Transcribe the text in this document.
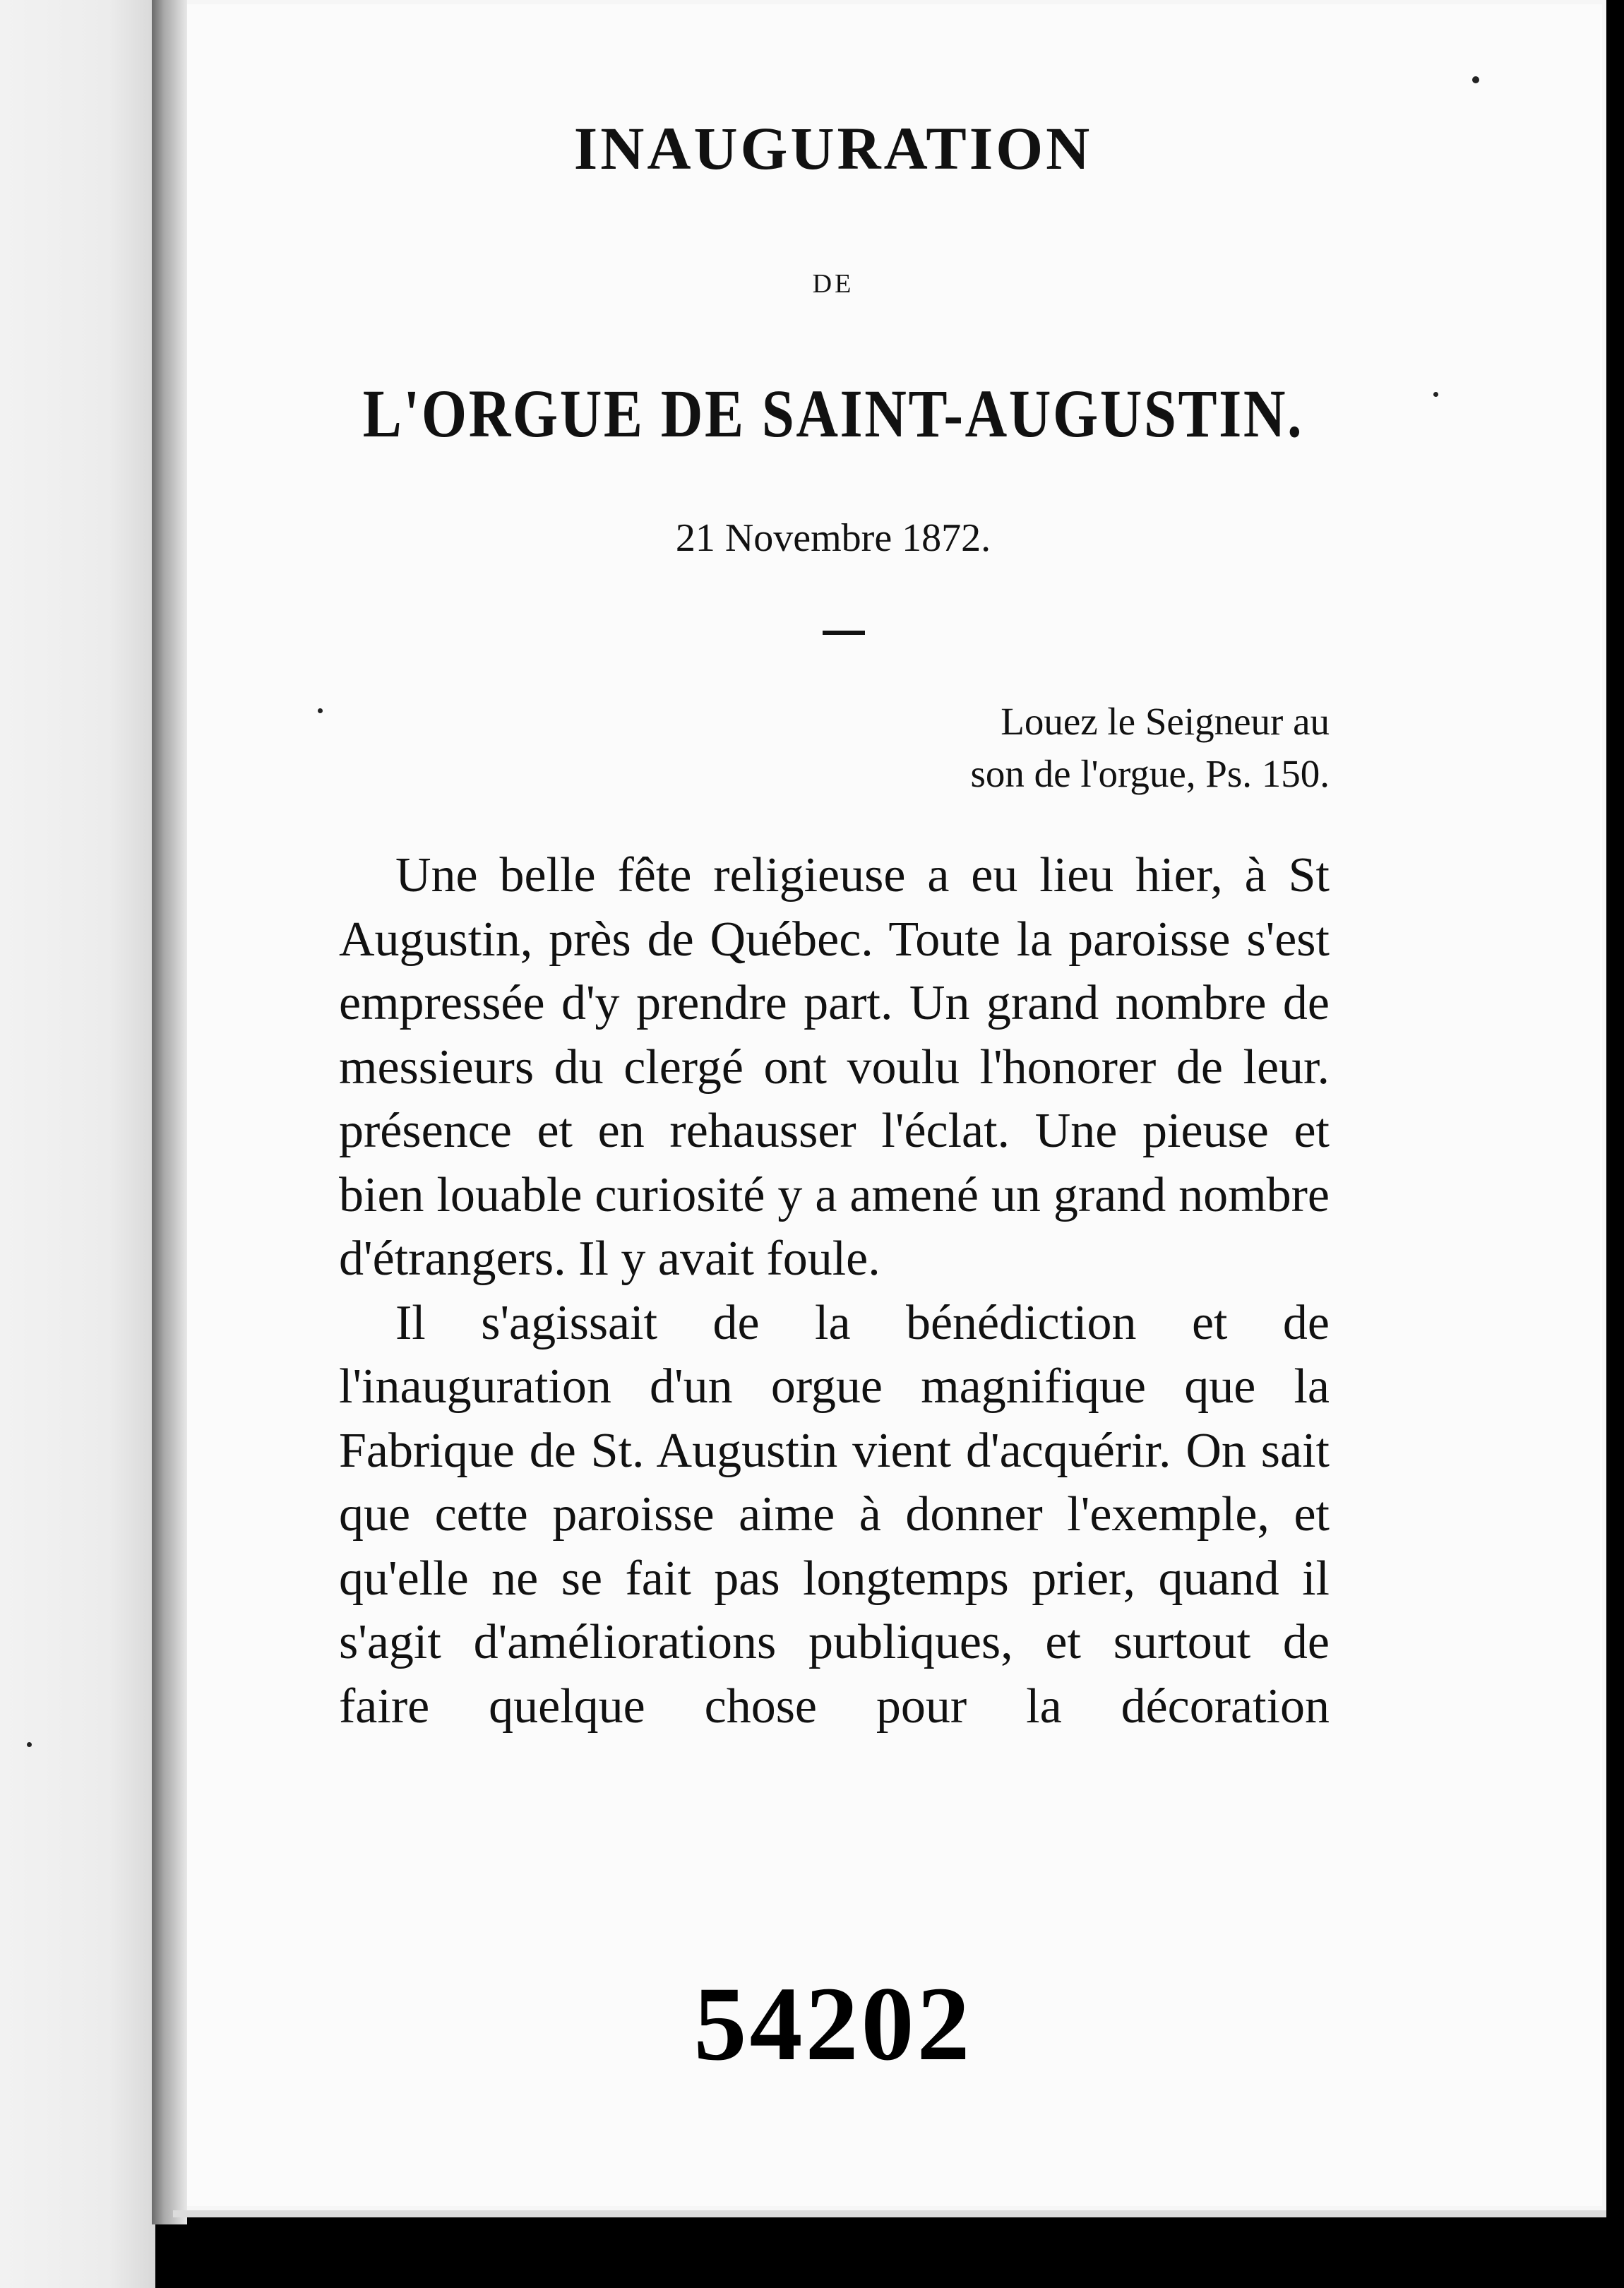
INAUGURATION
DE
L'ORGUE DE SAINT-AUGUSTIN.
21 Novembre 1872.
Louez le Seigneur au
son de l'orgue, Ps. 150.

Une belle fête religieuse a eu lieu hier, à St Augustin, près de Québec. Toute la paroisse s'est empressée d'y prendre part. Un grand nombre de messieurs du clergé ont voulu l'honorer de leur. présence et en rehausser l'éclat. Une pieuse et bien louable curiosité y a amené un grand nombre d'étrangers. Il y avait foule.

Il s'agissait de la bénédiction et de l'inauguration d'un orgue magnifique que la Fabrique de St. Augustin vient d'acquérir. On sait que cette paroisse aime à donner l'exemple, et qu'elle ne se fait pas longtemps prier, quand il s'agit d'améliorations publiques, et surtout de faire quelque chose pour la décoration

54202
